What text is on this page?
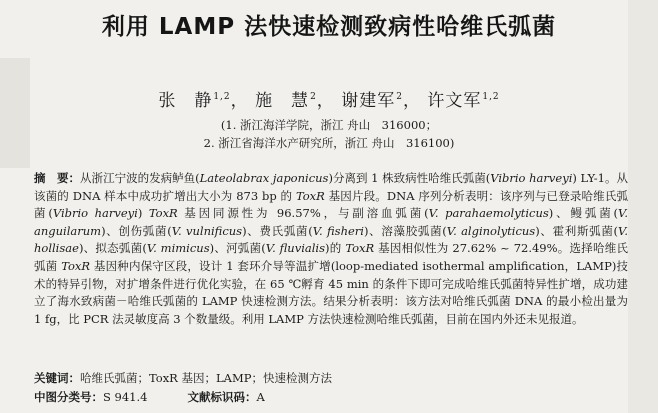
利用 LAMP 法快速检测致病性哈维氏弧菌
张　静$^{1,2}$， 施　慧$^2$， 谢建军$^2$， 许文军$^{1,2}$
(1. 浙江海洋学院，浙江 舟山　316000；
2. 浙江省海洋水产研究所，浙江 舟山　316100)
摘　要：从浙江宁波的发病鲈鱼(Lateolabrax japonicus)分离到 1 株致病性哈维氏弧菌(Vibrio harveyi) LY-1。从该菌的 DNA 样本中成功扩增出大小为 873 bp 的 ToxR 基因片段。DNA 序列分析表明：该序列与已登录哈维氏弧菌(Vibrio harveyi) ToxR 基因同源性为 96.57%，与副溶血弧菌(V. parahaemolyticus)、鳗弧菌(V. anguilarum)、创伤弧菌(V. vulnificus)、费氏弧菌(V. fisheri)、溶藻胶弧菌(V. alginolyticus)、霍利斯弧菌(V. hollisae)、拟态弧菌(V. mimicus)、河弧菌(V. fluvialis)的 ToxR 基因相似性为 27.62% ~ 72.49%。选择哈维氏弧菌 ToxR 基因种内保守区段，设计 1 套环介导等温扩增(loop-mediated isothermal amplification，LAMP)技术的特异引物，对扩增条件进行优化实验，在 65 ℃孵育 45 min 的条件下即可完成哈维氏弧菌特异性扩增，成功建立了海水致病菌－哈维氏弧菌的 LAMP 快速检测方法。结果分析表明：该方法对哈维氏弧菌 DNA 的最小检出量为 1 fg，比 PCR 法灵敏度高 3 个数量级。利用 LAMP 方法快速检测哈维氏弧菌，目前在国内外还未见报道。
关键词：哈维氏弧菌；ToxR 基因；LAMP；快速检测方法
中图分类号：S 941.4	文献标识码：A
